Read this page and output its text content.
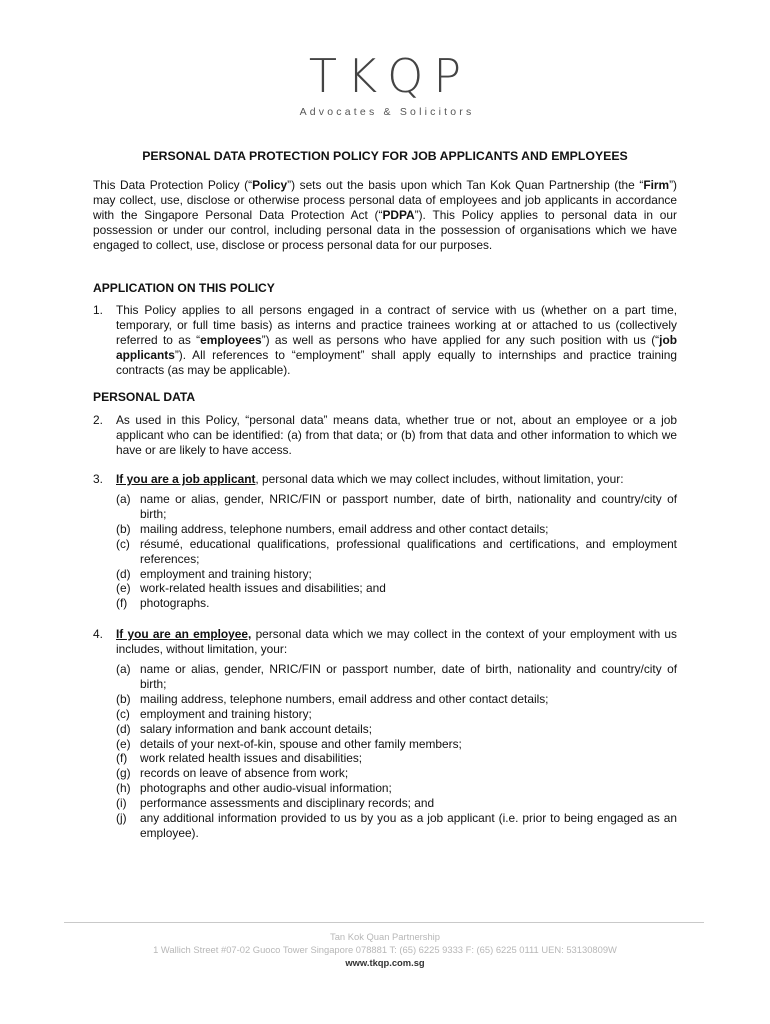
TKQP
Advocates & Solicitors
PERSONAL DATA PROTECTION POLICY FOR JOB APPLICANTS AND EMPLOYEES
This Data Protection Policy (“Policy”) sets out the basis upon which Tan Kok Quan Partnership (the “Firm”) may collect, use, disclose or otherwise process personal data of employees and job applicants in accordance with the Singapore Personal Data Protection Act (“PDPA”). This Policy applies to personal data in our possession or under our control, including personal data in the possession of organisations which we have engaged to collect, use, disclose or process personal data for our purposes.
APPLICATION ON THIS POLICY
1. This Policy applies to all persons engaged in a contract of service with us (whether on a part time, temporary, or full time basis) as interns and practice trainees working at or attached to us (collectively referred to as “employees”) as well as persons who have applied for any such position with us (“job applicants”). All references to “employment” shall apply equally to internships and practice training contracts (as may be applicable).
PERSONAL DATA
2. As used in this Policy, “personal data” means data, whether true or not, about an employee or a job applicant who can be identified: (a) from that data; or (b) from that data and other information to which we have or are likely to have access.
3. If you are a job applicant, personal data which we may collect includes, without limitation, your:
(a) name or alias, gender, NRIC/FIN or passport number, date of birth, nationality and country/city of birth;
(b) mailing address, telephone numbers, email address and other contact details;
(c) résumé, educational qualifications, professional qualifications and certifications, and employment references;
(d) employment and training history;
(e) work-related health issues and disabilities; and
(f) photographs.
4. If you are an employee, personal data which we may collect in the context of your employment with us includes, without limitation, your:
(a) name or alias, gender, NRIC/FIN or passport number, date of birth, nationality and country/city of birth;
(b) mailing address, telephone numbers, email address and other contact details;
(c) employment and training history;
(d) salary information and bank account details;
(e) details of your next-of-kin, spouse and other family members;
(f) work related health issues and disabilities;
(g) records on leave of absence from work;
(h) photographs and other audio-visual information;
(i) performance assessments and disciplinary records; and
(j) any additional information provided to us by you as a job applicant (i.e. prior to being engaged as an employee).
Tan Kok Quan Partnership
1 Wallich Street #07-02 Guoco Tower Singapore 078881 T: (65) 6225 9333 F: (65) 6225 0111 UEN: 53130809W
www.tkqp.com.sg
